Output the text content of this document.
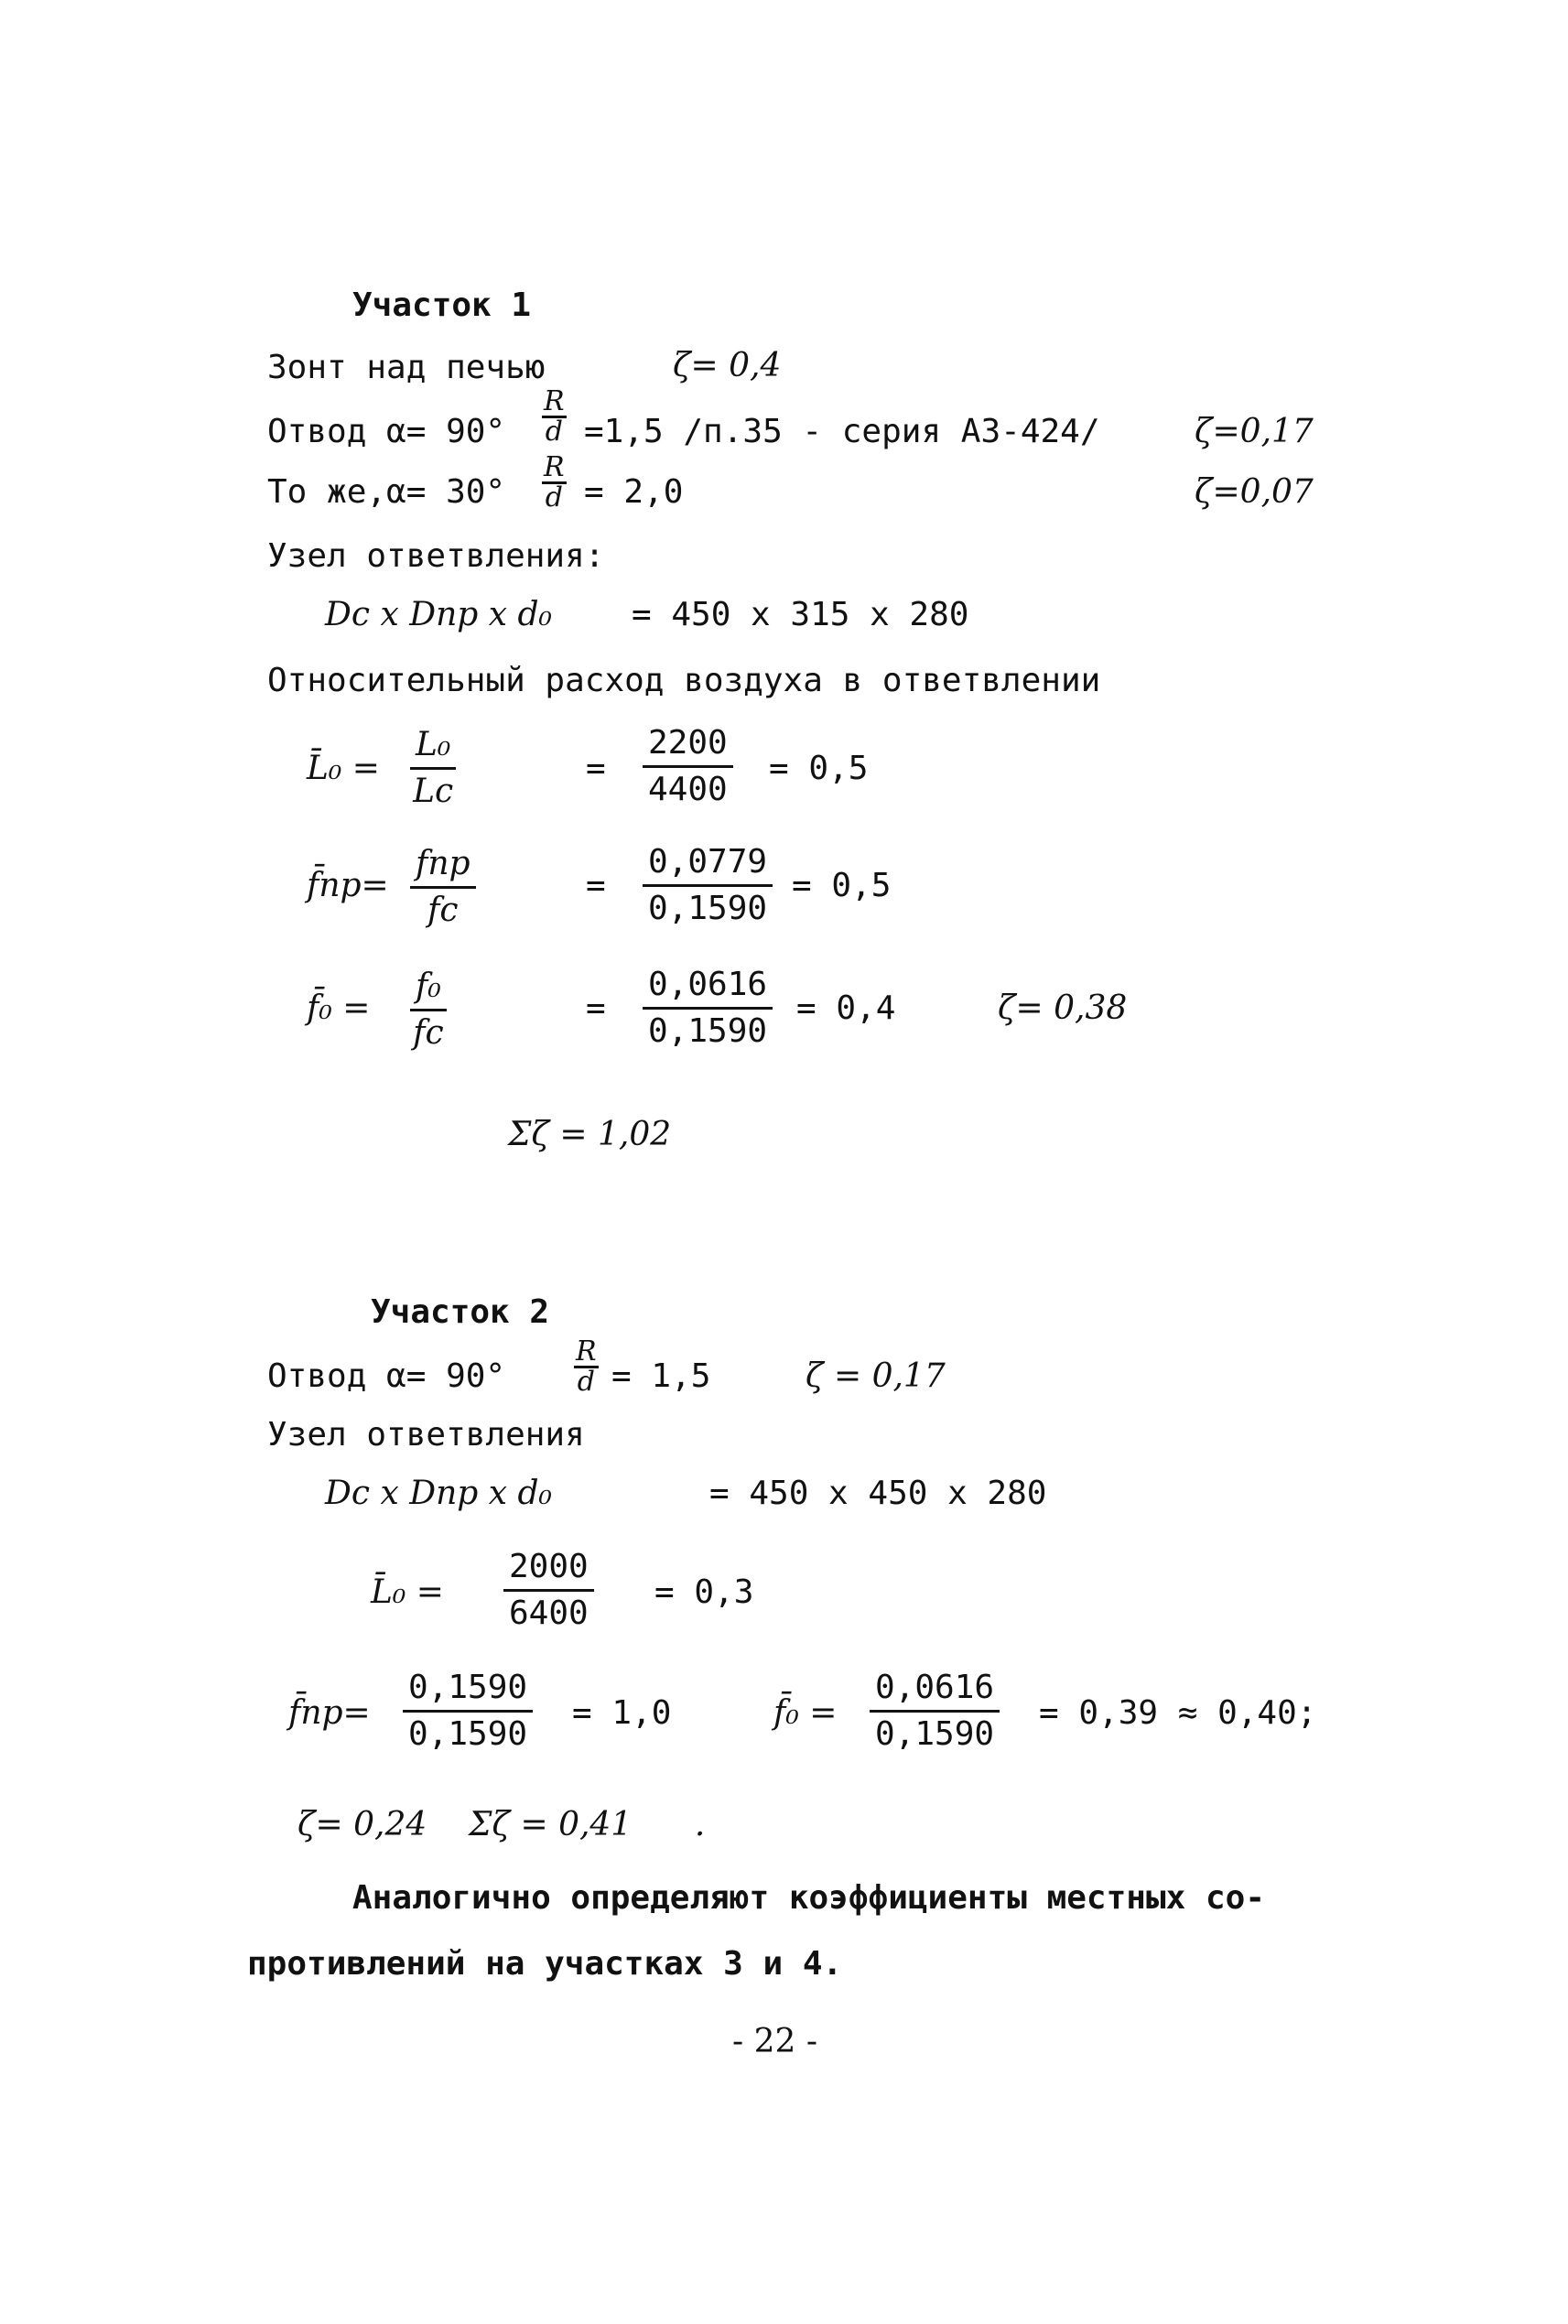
Участок 1
Зонт над печью	ζ= 0,4
Отвод $\alpha= 90^\circ \frac{R}{d} =1,5$ /п.35 - серия А3-424/	ζ=0,17
То $же,\alpha= 30^\circ \frac{R}{d} = 2,0$	ζ=0,07
Узел ответвления:
Dс x Dпр x d₀ = 450 x 315 x 280
Относительный расход воздуха в ответвлении
L̄₀ =
L₀
Lс
= $\frac{2200}{4400} = 0,5$
f̄пр=
fпр
fс
= $\frac{0,0779}{0,1590} = 0,5$
f̄₀ =
f₀
fс
= $\frac{0,0616}{0,1590} = 0,4$	ζ= 0,38
Σζ = 1,02
Участок 2
Отвод $\alpha= 90^\circ \frac{R}{d} = 1,5$	ζ = 0,17
Узел ответвления
Dс x Dпр x d₀	= 450 x 450 x 280
L̄₀ = $\frac{2000}{6400} = 0,3$
f̄пр= $\frac{0,1590}{0,1590} = 1,0$	f̄₀ = $\frac{0,0616}{0,1590} = 0,39 \approx 0,40$;
ζ= 0,24    Σζ = 0,41      .
Аналогично определяют коэффициенты местных со-
противлений на участках 3 и 4.
- 22 -
